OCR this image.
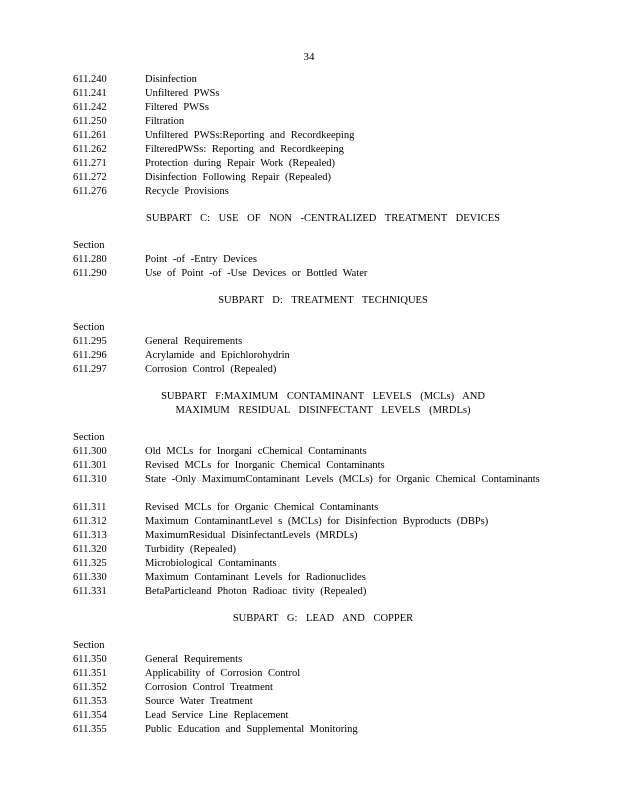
34
611.240	Disinfection
611.241	Unfiltered PWSs
611.242	Filtered PWSs
611.250	Filtration
611.261	Unfiltered PWSs:Reporting and Recordkeeping
611.262	FilteredPWSs: Reporting and Recordkeeping
611.271	Protection during Repair Work (Repealed)
611.272	Disinfection Following Repair (Repealed)
611.276	Recycle Provisions
SUBPART C: USE OF NON -CENTRALIZED TREATMENT DEVICES
Section
611.280	Point -of -Entry Devices
611.290	Use of Point -of -Use Devices or Bottled Water
SUBPART D: TREATMENT TECHNIQUES
Section
611.295	General Requirements
611.296	Acrylamide and Epichlorohydrin
611.297	Corrosion Control (Repealed)
SUBPART F:MAXIMUM CONTAMINANT LEVELS (MCLs) AND
MAXIMUM RESIDUAL DISINFECTANT LEVELS (MRDLs)
Section
611.300	Old MCLs for Inorgani cChemical Contaminants
611.301	Revised MCLs for Inorganic Chemical Contaminants
611.310	State -Only MaximumContaminant Levels (MCLs) for Organic Chemical Contaminants
611.311	Revised MCLs for Organic Chemical Contaminants
611.312	Maximum ContaminantLevel s (MCLs) for Disinfection Byproducts (DBPs)
611.313	MaximumResidual DisinfectantLevels (MRDLs)
611.320	Turbidity (Repealed)
611.325	Microbiological Contaminants
611.330	Maximum Contaminant Levels for Radionuclides
611.331	BetaParticleand Photon Radioac tivity (Repealed)
SUBPART G: LEAD AND COPPER
Section
611.350	General Requirements
611.351	Applicability of Corrosion Control
611.352	Corrosion Control Treatment
611.353	Source Water Treatment
611.354	Lead Service Line Replacement
611.355	Public Education and Supplemental Monitoring
